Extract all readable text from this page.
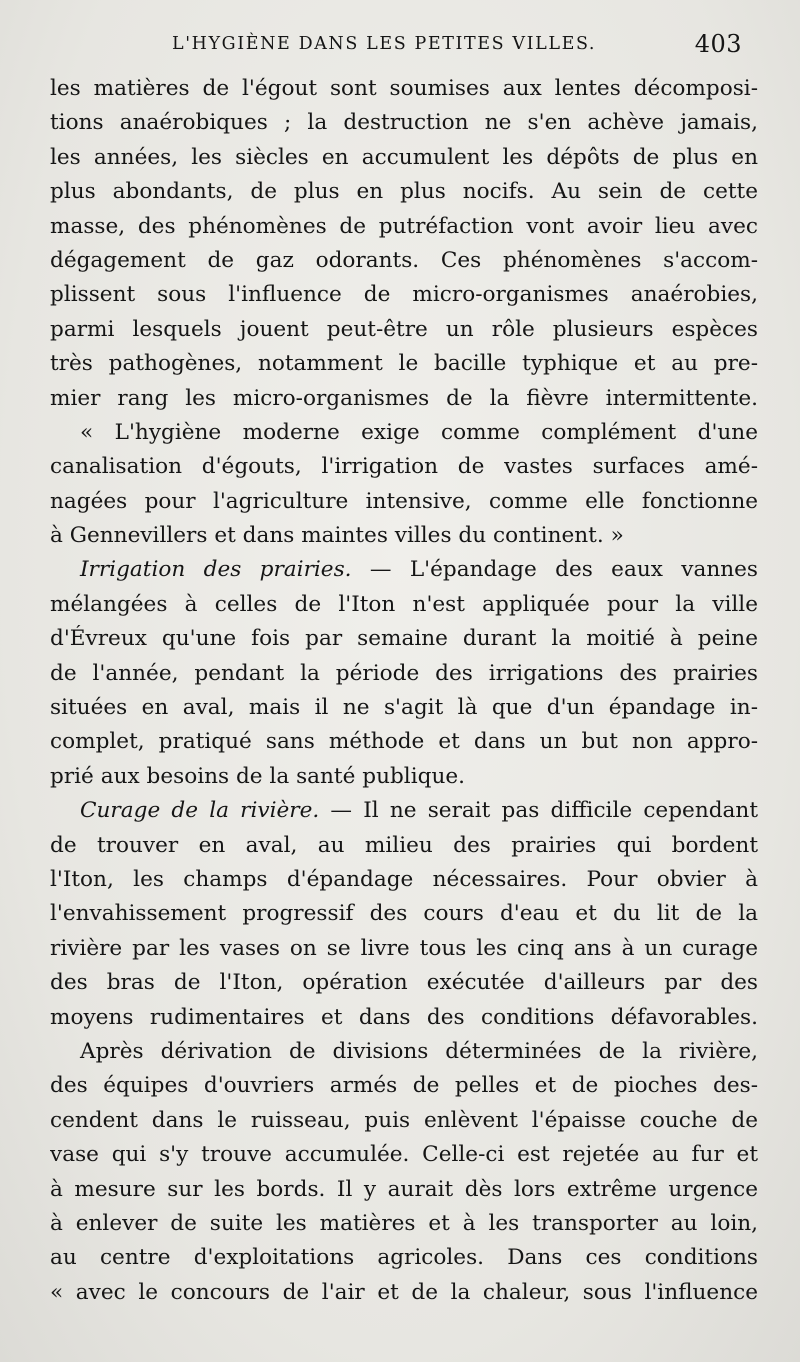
L'HYGIÈNE DANS LES PETITES VILLES.	403
les matières de l'égout sont soumises aux lentes décomposi-
tions anaérobiques ; la destruction ne s'en achève jamais,
les années, les siècles en accumulent les dépôts de plus en
plus abondants, de plus en plus nocifs. Au sein de cette
masse, des phénomènes de putréfaction vont avoir lieu avec
dégagement de gaz odorants. Ces phénomènes s'accom-
plissent sous l'influence de micro-organismes anaérobies,
parmi lesquels jouent peut-être un rôle plusieurs espèces
très pathogènes, notamment le bacille typhique et au pre-
mier rang les micro-organismes de la fièvre intermittente.
« L'hygiène moderne exige comme complément d'une
canalisation d'égouts, l'irrigation de vastes surfaces amé-
nagées pour l'agriculture intensive, comme elle fonctionne
à Gennevillers et dans maintes villes du continent. »
Irrigation des prairies. — L'épandage des eaux vannes
mélangées à celles de l'Iton n'est appliquée pour la ville
d'Évreux qu'une fois par semaine durant la moitié à peine
de l'année, pendant la période des irrigations des prairies
situées en aval, mais il ne s'agit là que d'un épandage in-
complet, pratiqué sans méthode et dans un but non appro-
prié aux besoins de la santé publique.
Curage de la rivière. — Il ne serait pas difficile cependant
de trouver en aval, au milieu des prairies qui bordent
l'Iton, les champs d'épandage nécessaires. Pour obvier à
l'envahissement progressif des cours d'eau et du lit de la
rivière par les vases on se livre tous les cinq ans à un curage
des bras de l'Iton, opération exécutée d'ailleurs par des
moyens rudimentaires et dans des conditions défavorables.
Après dérivation de divisions déterminées de la rivière,
des équipes d'ouvriers armés de pelles et de pioches des-
cendent dans le ruisseau, puis enlèvent l'épaisse couche de
vase qui s'y trouve accumulée. Celle-ci est rejetée au fur et
à mesure sur les bords. Il y aurait dès lors extrême urgence
à enlever de suite les matières et à les transporter au loin,
au centre d'exploitations agricoles. Dans ces conditions
« avec le concours de l'air et de la chaleur, sous l'influence
